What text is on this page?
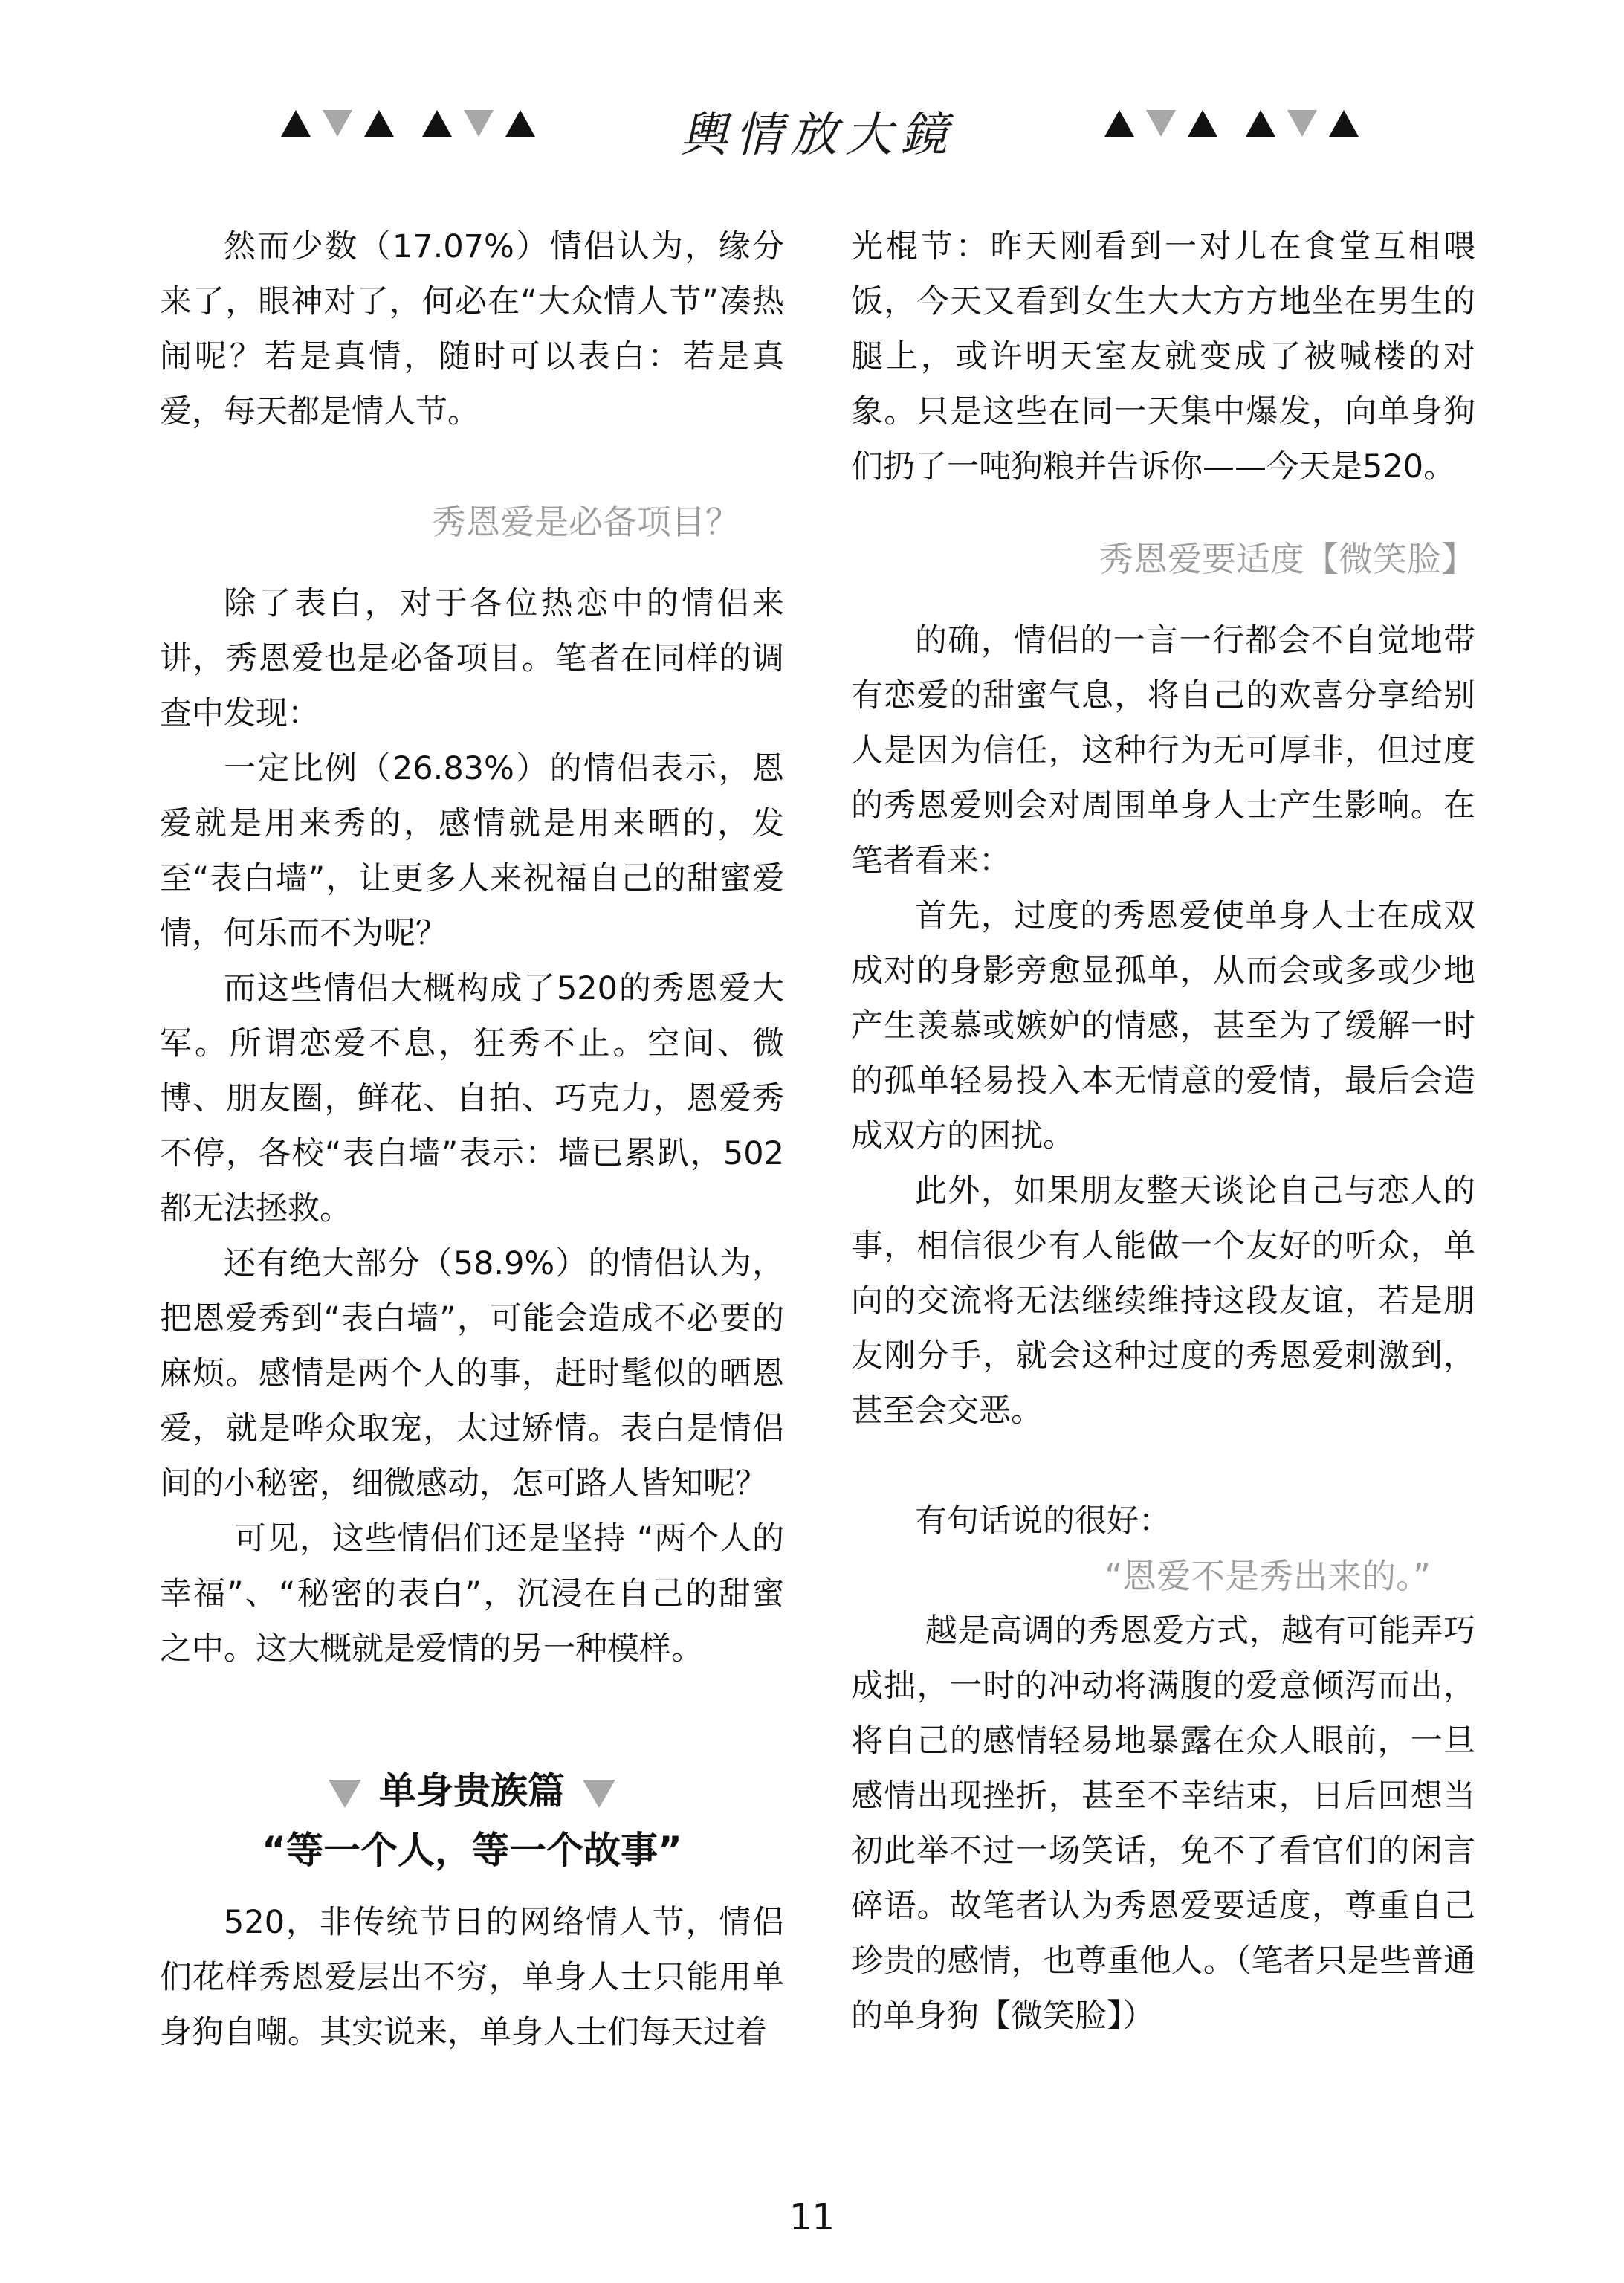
輿情放大鏡

然而少数（17.07%）情侣认为，缘分来了，眼神对了，何必在“大众情人节”凑热闹呢？若是真情，随时可以表白：若是真爱，每天都是情人节。

秀恩爱是必备项目？

除了表白，对于各位热恋中的情侣来讲，秀恩爱也是必备项目。笔者在同样的调查中发现：

一定比例（26.83%）的情侣表示，恩爱就是用来秀的，感情就是用来晒的，发至“表白墙”，让更多人来祝福自己的甜蜜爱情，何乐而不为呢？

而这些情侣大概构成了520的秀恩爱大军。所谓恋爱不息，狂秀不止。空间、微博、朋友圈，鲜花、自拍、巧克力，恩爱秀不停，各校“表白墙”表示：墙已累趴，502都无法拯救。

还有绝大部分（58.9%）的情侣认为，把恩爱秀到“表白墙”，可能会造成不必要的麻烦。感情是两个人的事，赶时髦似的晒恩爱，就是哗众取宠，太过矫情。表白是情侣间的小秘密，细微感动，怎可路人皆知呢？

可见，这些情侣们还是坚持 “两个人的幸福”、“秘密的表白”，沉浸在自己的甜蜜之中。这大概就是爱情的另一种模样。

单身贵族篇
“等一个人，等一个故事”

520，非传统节日的网络情人节，情侣们花样秀恩爱层出不穷，单身人士只能用单身狗自嘲。其实说来，单身人士们每天过着

光棍节：昨天刚看到一对儿在食堂互相喂饭，今天又看到女生大大方方地坐在男生的腿上，或许明天室友就变成了被喊楼的对象。只是这些在同一天集中爆发，向单身狗们扔了一吨狗粮并告诉你——今天是520。

秀恩爱要适度【微笑脸】

的确，情侣的一言一行都会不自觉地带有恋爱的甜蜜气息，将自己的欢喜分享给别人是因为信任，这种行为无可厚非，但过度的秀恩爱则会对周围单身人士产生影响。在笔者看来：

首先，过度的秀恩爱使单身人士在成双成对的身影旁愈显孤单，从而会或多或少地产生羡慕或嫉妒的情感，甚至为了缓解一时的孤单轻易投入本无情意的爱情，最后会造成双方的困扰。

此外，如果朋友整天谈论自己与恋人的事，相信很少有人能做一个友好的听众，单向的交流将无法继续维持这段友谊，若是朋友刚分手，就会这种过度的秀恩爱刺激到，甚至会交恶。

有句话说的很好：

“恩爱不是秀出来的。”

越是高调的秀恩爱方式，越有可能弄巧成拙，一时的冲动将满腹的爱意倾泻而出，将自己的感情轻易地暴露在众人眼前，一旦感情出现挫折，甚至不幸结束，日后回想当初此举不过一场笑话，免不了看官们的闲言碎语。故笔者认为秀恩爱要适度，尊重自己珍贵的感情，也尊重他人。（笔者只是些普通的单身狗【微笑脸】）

11
